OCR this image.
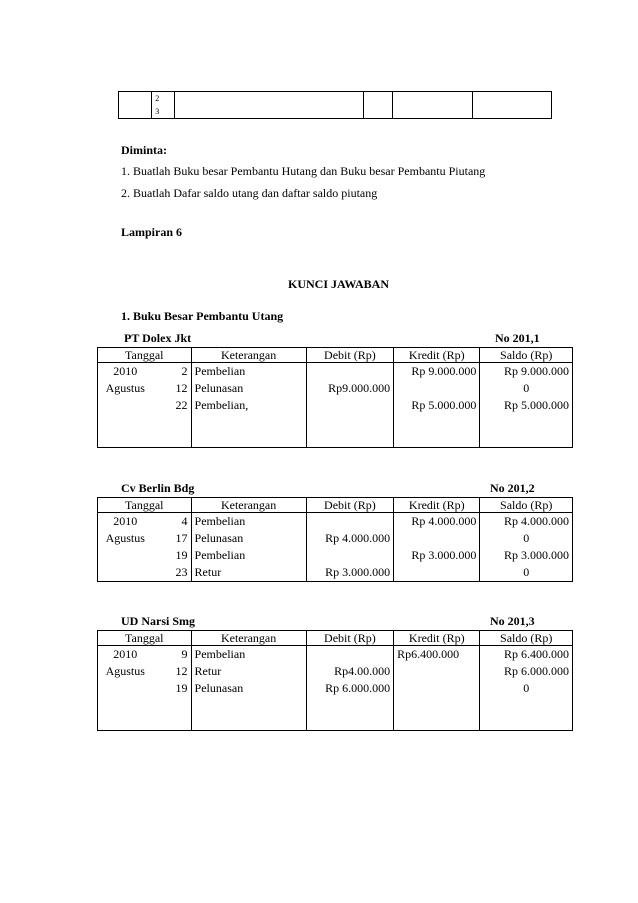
2
3

Diminta:
1. Buatlah Buku besar Pembantu Hutang dan Buku besar Pembantu Piutang
2. Buatlah Dafar saldo utang dan daftar saldo piutang
Lampiran 6
KUNCI JAWABAN
1. Buku Besar Pembantu Utang
PT Dolex Jkt	No 201,1
Tanggal		Keterangan	Debit (Rp)	Kredit (Rp)	Saldo (Rp)
2010	2	Pembelian		Rp 9.000.000	Rp 9.000.000
Agustus	12	Pelunasan	Rp9.000.000		0
	22	Pembelian,		Rp 5.000.000	Rp 5.000.000

Cv Berlin Bdg	No 201,2
Tanggal		Keterangan	Debit (Rp)	Kredit (Rp)	Saldo (Rp)
2010	4	Pembelian		Rp 4.000.000	Rp 4.000.000
Agustus	17	Pelunasan	Rp 4.000.000		0
	19	Pembelian		Rp 3.000.000	Rp 3.000.000
	23	Retur	Rp 3.000.000		0
UD Narsi Smg	No 201,3
Tanggal		Keterangan	Debit (Rp)	Kredit (Rp)	Saldo (Rp)
2010	9	Pembelian		Rp6.400.000	Rp 6.400.000
Agustus	12	Retur	Rp4.00.000		Rp 6.000.000
	19	Pelunasan	Rp 6.000.000		0
